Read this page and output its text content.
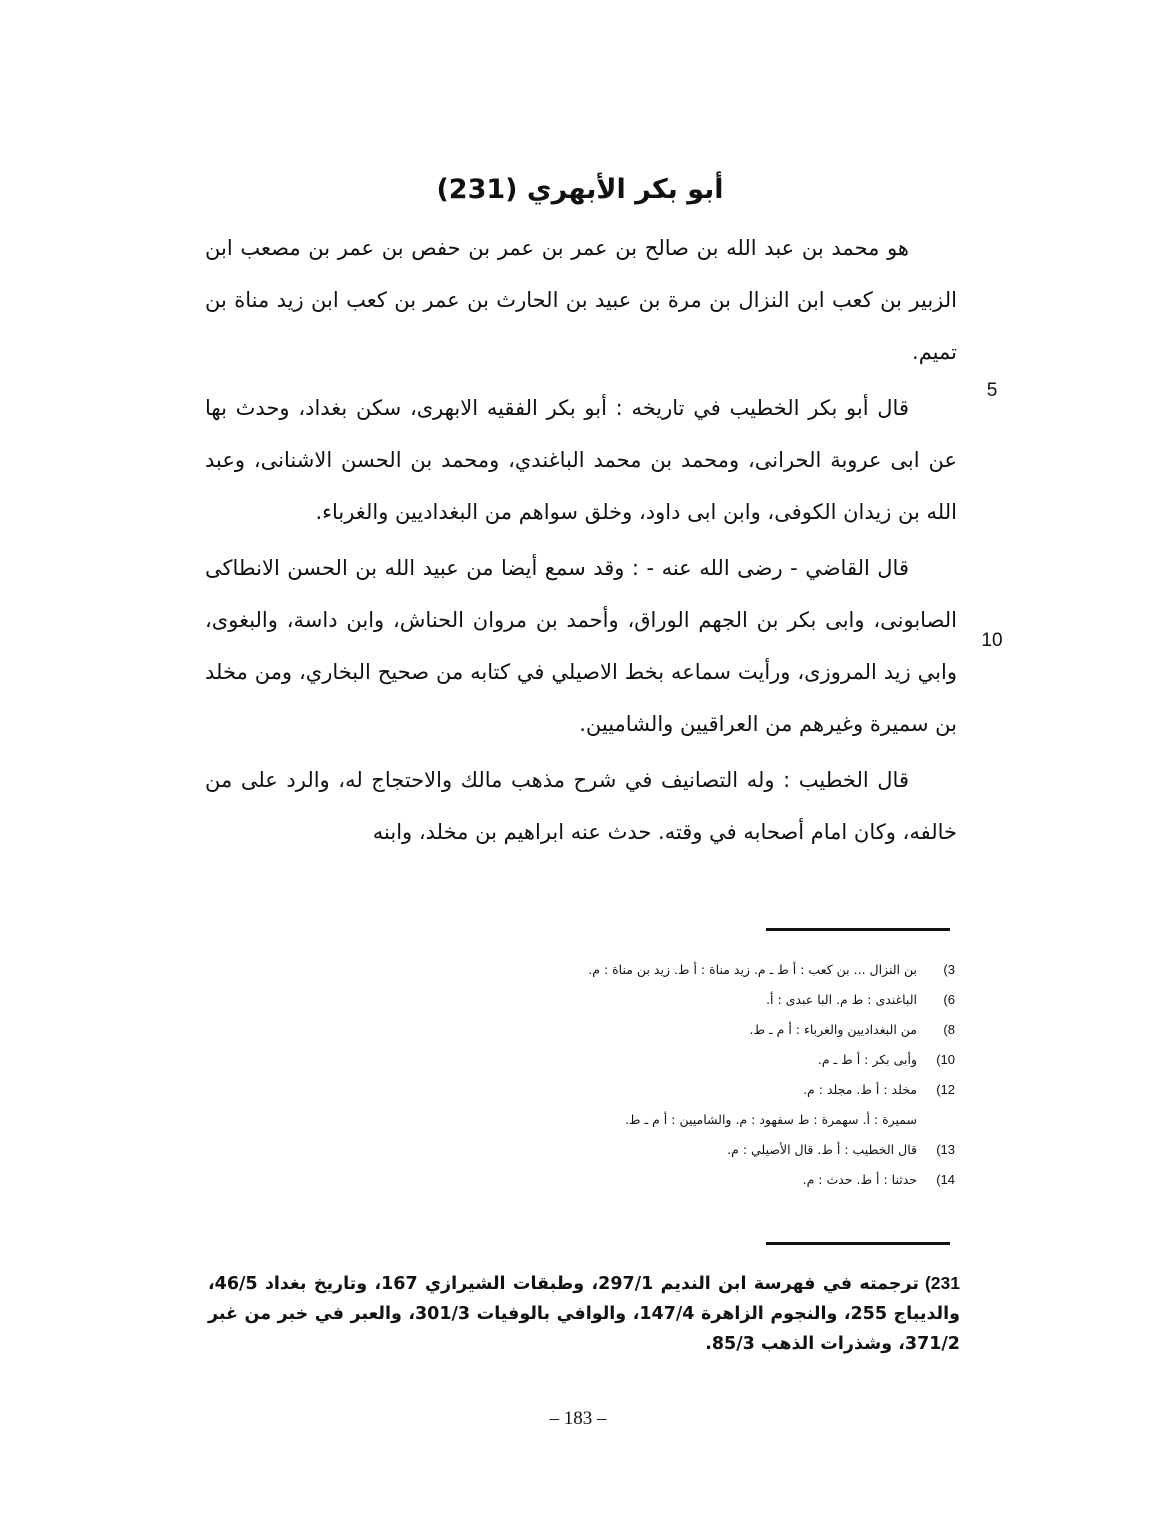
أبو بكر الأبهري (231)

هو محمد بن عبد الله بن صالح بن عمر بن عمر بن حفص بن عمر بن مصعب ابن الزبير بن كعب ابن النزال بن مرة بن عبيد بن الحارث بن عمر بن كعب ابن زيد مناة بن تميم.

قال أبو بكر الخطيب في تاريخه : أبو بكر الفقيه الابهرى، سكن بغداد، وحدث بها عن ابى عروبة الحرانى، ومحمد بن محمد الباغندي، ومحمد بن الحسن الاشنانى، وعبد الله بن زيدان الكوفى، وابن ابى داود، وخلق سواهم من البغداديين والغرباء.

قال القاضي - رضى الله عنه - : وقد سمع أيضا من عبيد الله بن الحسن الانطاكى الصابونى، وابى بكر بن الجهم الوراق، وأحمد بن مروان الحناش، وابن داسة، والبغوى، وابي زيد المروزى، ورأيت سماعه بخط الاصيلي في كتابه من صحيح البخاري، ومن مخلد بن سميرة وغيرهم من العراقيين والشاميين.

قال الخطيب : وله التصانيف في شرح مذهب مالك والاحتجاج له، والرد على من خالفه، وكان امام أصحابه في وقته. حدث عنه ابراهيم بن مخلد، وابنه

5
10
3)بن النزال ... بن كعب : أ ط ـ م. زيد مناة : أ ط. زيد بن مناة : م.
6)الباغندى : ط م. البا عبدى : أ.
8)من البغداديين والغرباء : أ م ـ ط.
10)وأبى بكر : أ ط ـ م.
12)مخلد : أ ط. مجلد : م.
سميرة : أ. سهمرة : ط سفهود : م. والشاميين : أ م ـ ط.
13)قال الخطيب : أ ط. قال الأصيلي : م.
14)حدثنا : أ ط. حدث : م.

231)ترجمته في فهرسة ابن النديم 297/1، وطبقات الشيرازي 167، وتاريخ بغداد 46/5، والديباج 255، والنجوم الزاهرة 147/4، والوافي بالوفيات 301/3، والعبر في خبر من غبر 371/2، وشذرات الذهب 85/3.

– 183 –
